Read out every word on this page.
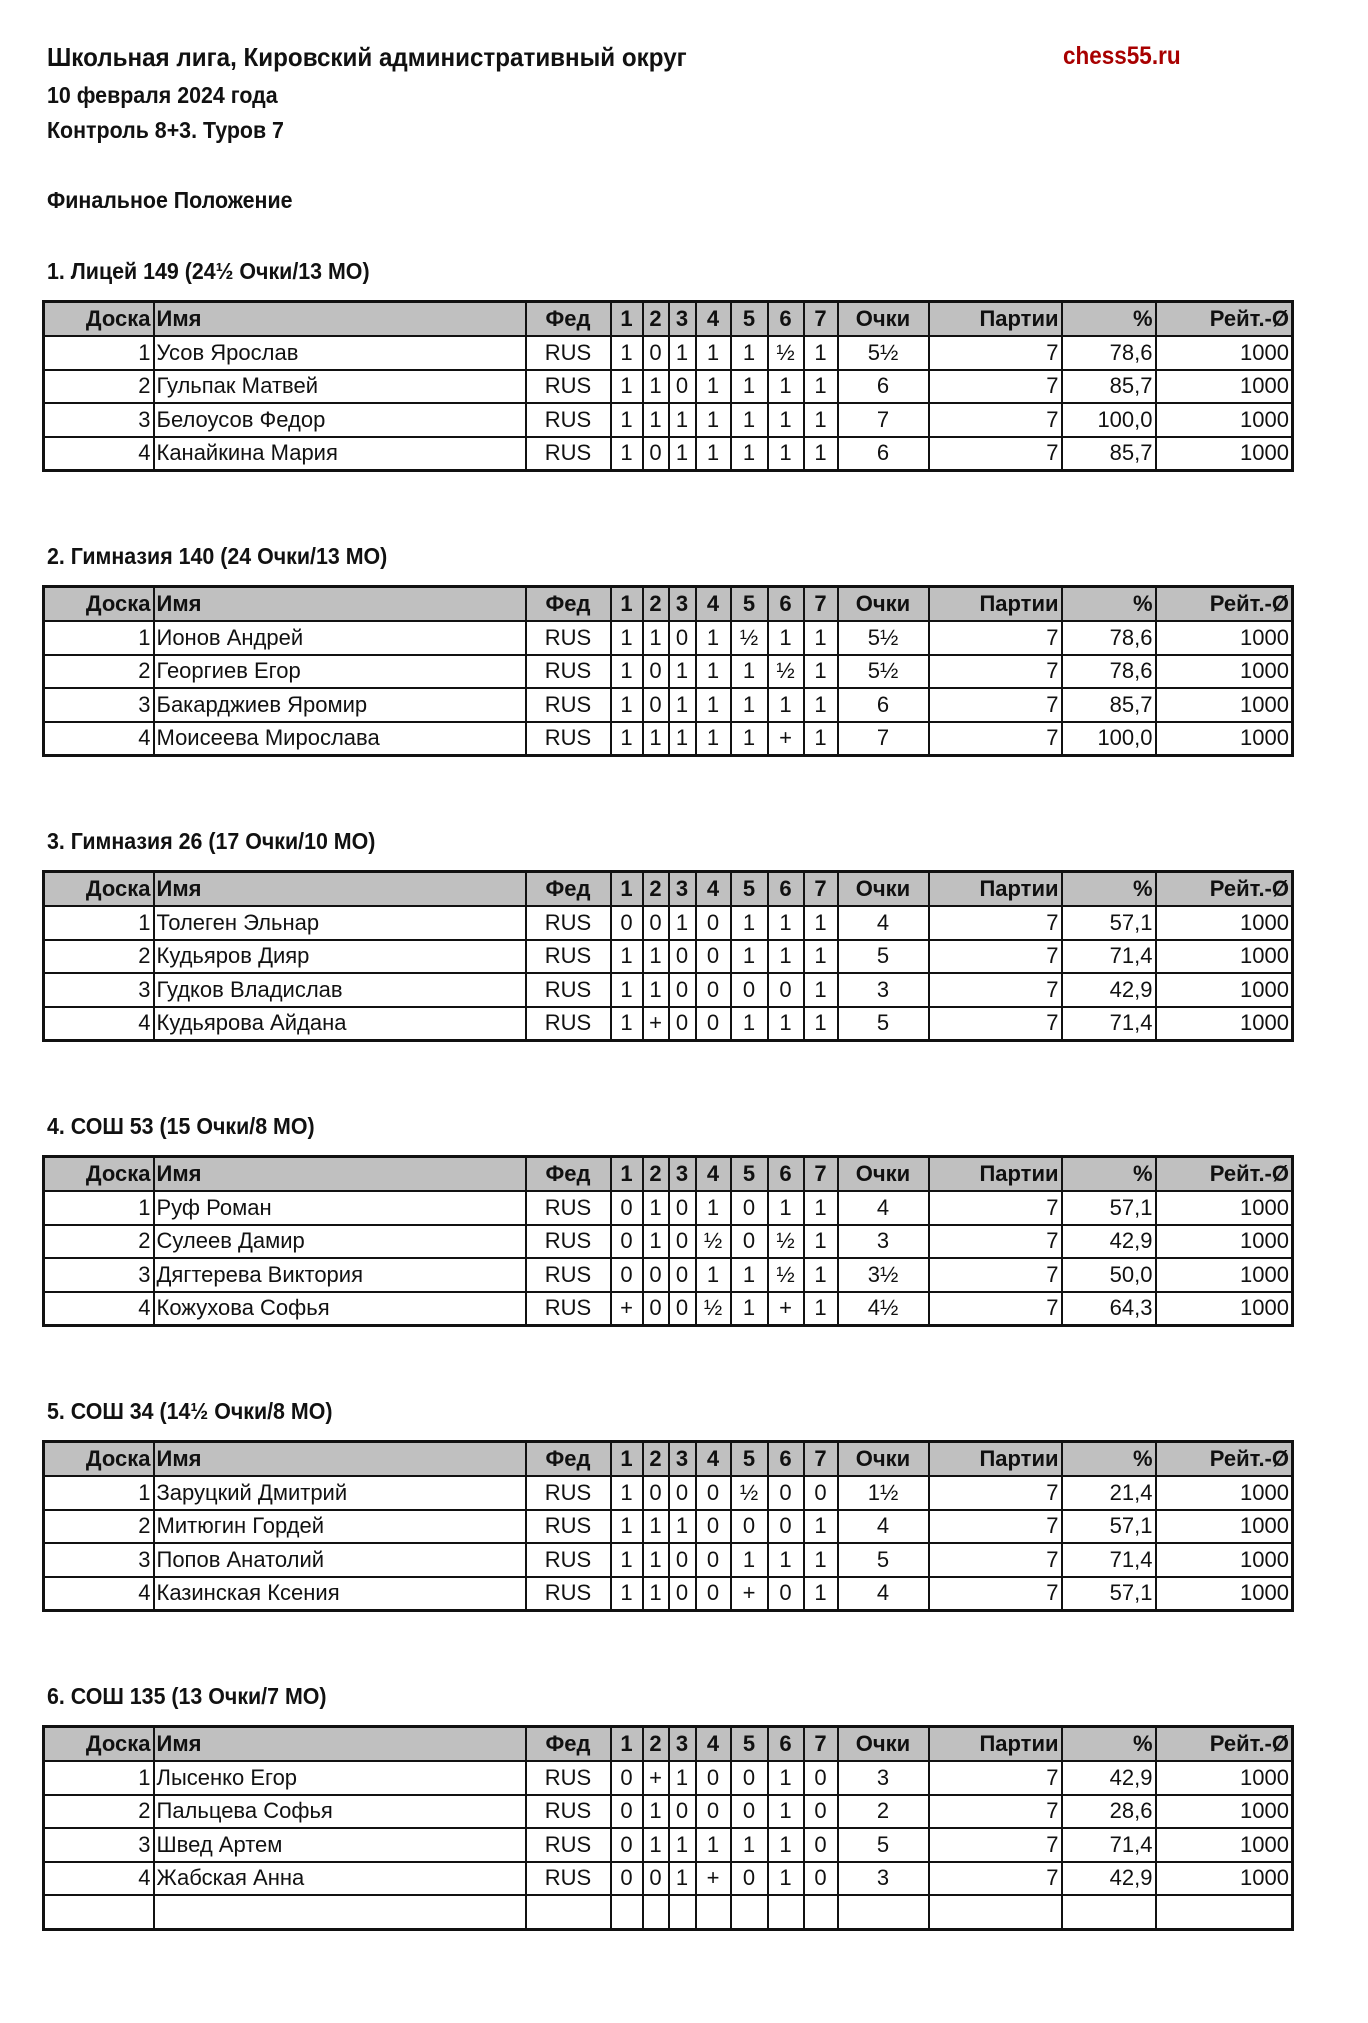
Школьная лига, Кировский административный округ	chess55.ru
10 февраля 2024 года
Контроль 8+3. Туров 7
Финальное Положение
1. Лицей 149 (24½ Очки/13 МО)
Доска	Имя	Фед	1	2	3	4	5	6	7	Очки	Партии	%	Рейт.-Ø
1	Усов Ярослав	RUS	1	0	1	1	1	½	1	5½	7	78,6	1000
2	Гульпак Матвей	RUS	1	1	0	1	1	1	1	6	7	85,7	1000
3	Белоусов Федор	RUS	1	1	1	1	1	1	1	7	7	100,0	1000
4	Канайкина Мария	RUS	1	0	1	1	1	1	1	6	7	85,7	1000
2. Гимназия 140 (24 Очки/13 МО)
Доска	Имя	Фед	1	2	3	4	5	6	7	Очки	Партии	%	Рейт.-Ø
1	Ионов Андрей	RUS	1	1	0	1	½	1	1	5½	7	78,6	1000
2	Георгиев Егор	RUS	1	0	1	1	1	½	1	5½	7	78,6	1000
3	Бакарджиев Яромир	RUS	1	0	1	1	1	1	1	6	7	85,7	1000
4	Моисеева Мирослава	RUS	1	1	1	1	1	+	1	7	7	100,0	1000
3. Гимназия 26 (17 Очки/10 МО)
Доска	Имя	Фед	1	2	3	4	5	6	7	Очки	Партии	%	Рейт.-Ø
1	Толеген Эльнар	RUS	0	0	1	0	1	1	1	4	7	57,1	1000
2	Кудьяров Дияр	RUS	1	1	0	0	1	1	1	5	7	71,4	1000
3	Гудков Владислав	RUS	1	1	0	0	0	0	1	3	7	42,9	1000
4	Кудьярова Айдана	RUS	1	+	0	0	1	1	1	5	7	71,4	1000
4. СОШ 53 (15 Очки/8 МО)
Доска	Имя	Фед	1	2	3	4	5	6	7	Очки	Партии	%	Рейт.-Ø
1	Руф Роман	RUS	0	1	0	1	0	1	1	4	7	57,1	1000
2	Сулеев Дамир	RUS	0	1	0	½	0	½	1	3	7	42,9	1000
3	Дягтерева Виктория	RUS	0	0	0	1	1	½	1	3½	7	50,0	1000
4	Кожухова Софья	RUS	+	0	0	½	1	+	1	4½	7	64,3	1000
5. СОШ 34 (14½ Очки/8 МО)
Доска	Имя	Фед	1	2	3	4	5	6	7	Очки	Партии	%	Рейт.-Ø
1	Заруцкий Дмитрий	RUS	1	0	0	0	½	0	0	1½	7	21,4	1000
2	Митюгин Гордей	RUS	1	1	1	0	0	0	1	4	7	57,1	1000
3	Попов Анатолий	RUS	1	1	0	0	1	1	1	5	7	71,4	1000
4	Казинская Ксения	RUS	1	1	0	0	+	0	1	4	7	57,1	1000
6. СОШ 135 (13 Очки/7 МО)
Доска	Имя	Фед	1	2	3	4	5	6	7	Очки	Партии	%	Рейт.-Ø
1	Лысенко Егор	RUS	0	+	1	0	0	1	0	3	7	42,9	1000
2	Пальцева Софья	RUS	0	1	0	0	0	1	0	2	7	28,6	1000
3	Швед Артем	RUS	0	1	1	1	1	1	0	5	7	71,4	1000
4	Жабская Анна	RUS	0	0	1	+	0	1	0	3	7	42,9	1000
